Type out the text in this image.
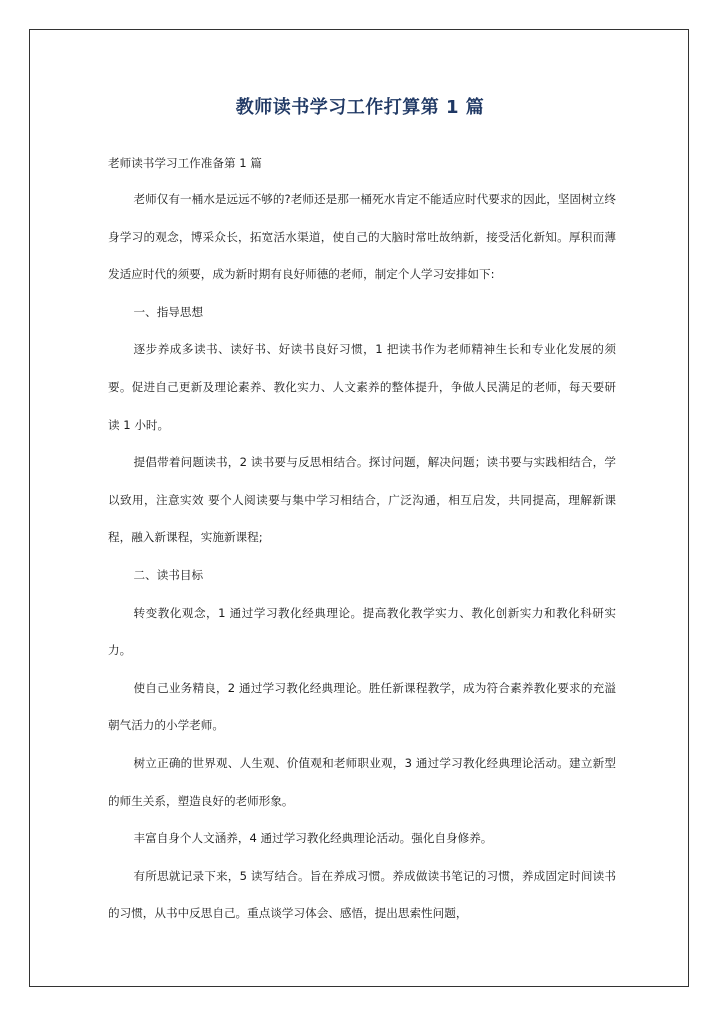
教师读书学习工作打算第 1 篇

老师读书学习工作准备第 1 篇

老师仅有一桶水是远远不够的?老师还是那一桶死水肯定不能适应时代要求的因此，坚固树立终身学习的观念，博采众长，拓宽活水渠道，使自己的大脑时常吐故纳新，接受活化新知。厚积而薄发适应时代的须要，成为新时期有良好师德的老师，制定个人学习安排如下:

一、指导思想

逐步养成多读书、读好书、好读书良好习惯，1 把读书作为老师精神生长和专业化发展的须要。促进自己更新及理论素养、教化实力、人文素养的整体提升，争做人民满足的老师，每天要研读 1 小时。

提倡带着问题读书，2 读书要与反思相结合。探讨问题，解决问题；读书要与实践相结合，学以致用，注意实效 要个人阅读要与集中学习相结合，广泛沟通，相互启发，共同提高，理解新课程，融入新课程，实施新课程;

二、读书目标

转变教化观念，1 通过学习教化经典理论。提高教化教学实力、教化创新实力和教化科研实力。

使自己业务精良，2 通过学习教化经典理论。胜任新课程教学，成为符合素养教化要求的充溢朝气活力的小学老师。

树立正确的世界观、人生观、价值观和老师职业观，3 通过学习教化经典理论活动。建立新型的师生关系，塑造良好的老师形象。

丰富自身个人文涵养，4 通过学习教化经典理论活动。强化自身修养。

有所思就记录下来，5 读写结合。旨在养成习惯。养成做读书笔记的习惯，养成固定时间读书的习惯，从书中反思自己。重点谈学习体会、感悟，提出思索性问题，
